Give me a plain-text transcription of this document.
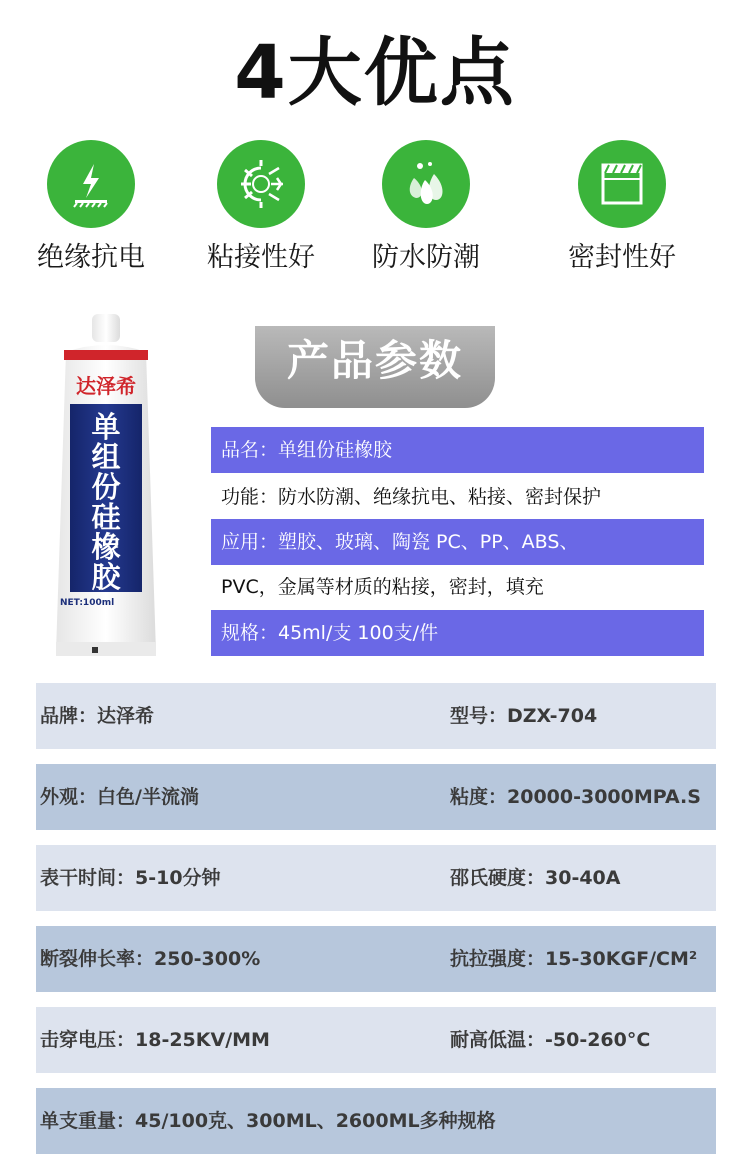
4大优点
绝缘抗电	粘接性好	防水防潮	密封性好
达泽希
单
组
份
硅
橡
胶
NET:100ml
产品参数
品名：单组份硅橡胶
功能：防水防潮、绝缘抗电、粘接、密封保护
应用：塑胶、玻璃、陶瓷 PC、PP、ABS、
PVC，金属等材质的粘接，密封，填充
规格：45ml/支 100支/件
品牌：达泽希	型号：DZX-704
外观：白色/半流淌	粘度：20000-3000MPA.S
表干时间：5-10分钟	邵氏硬度：30-40A
断裂伸长率：250-300%	抗拉强度：15-30KGF/CM²
击穿电压：18-25KV/MM	耐高低温：-50-260°C
单支重量：45/100克、300ML、2600ML多种规格
